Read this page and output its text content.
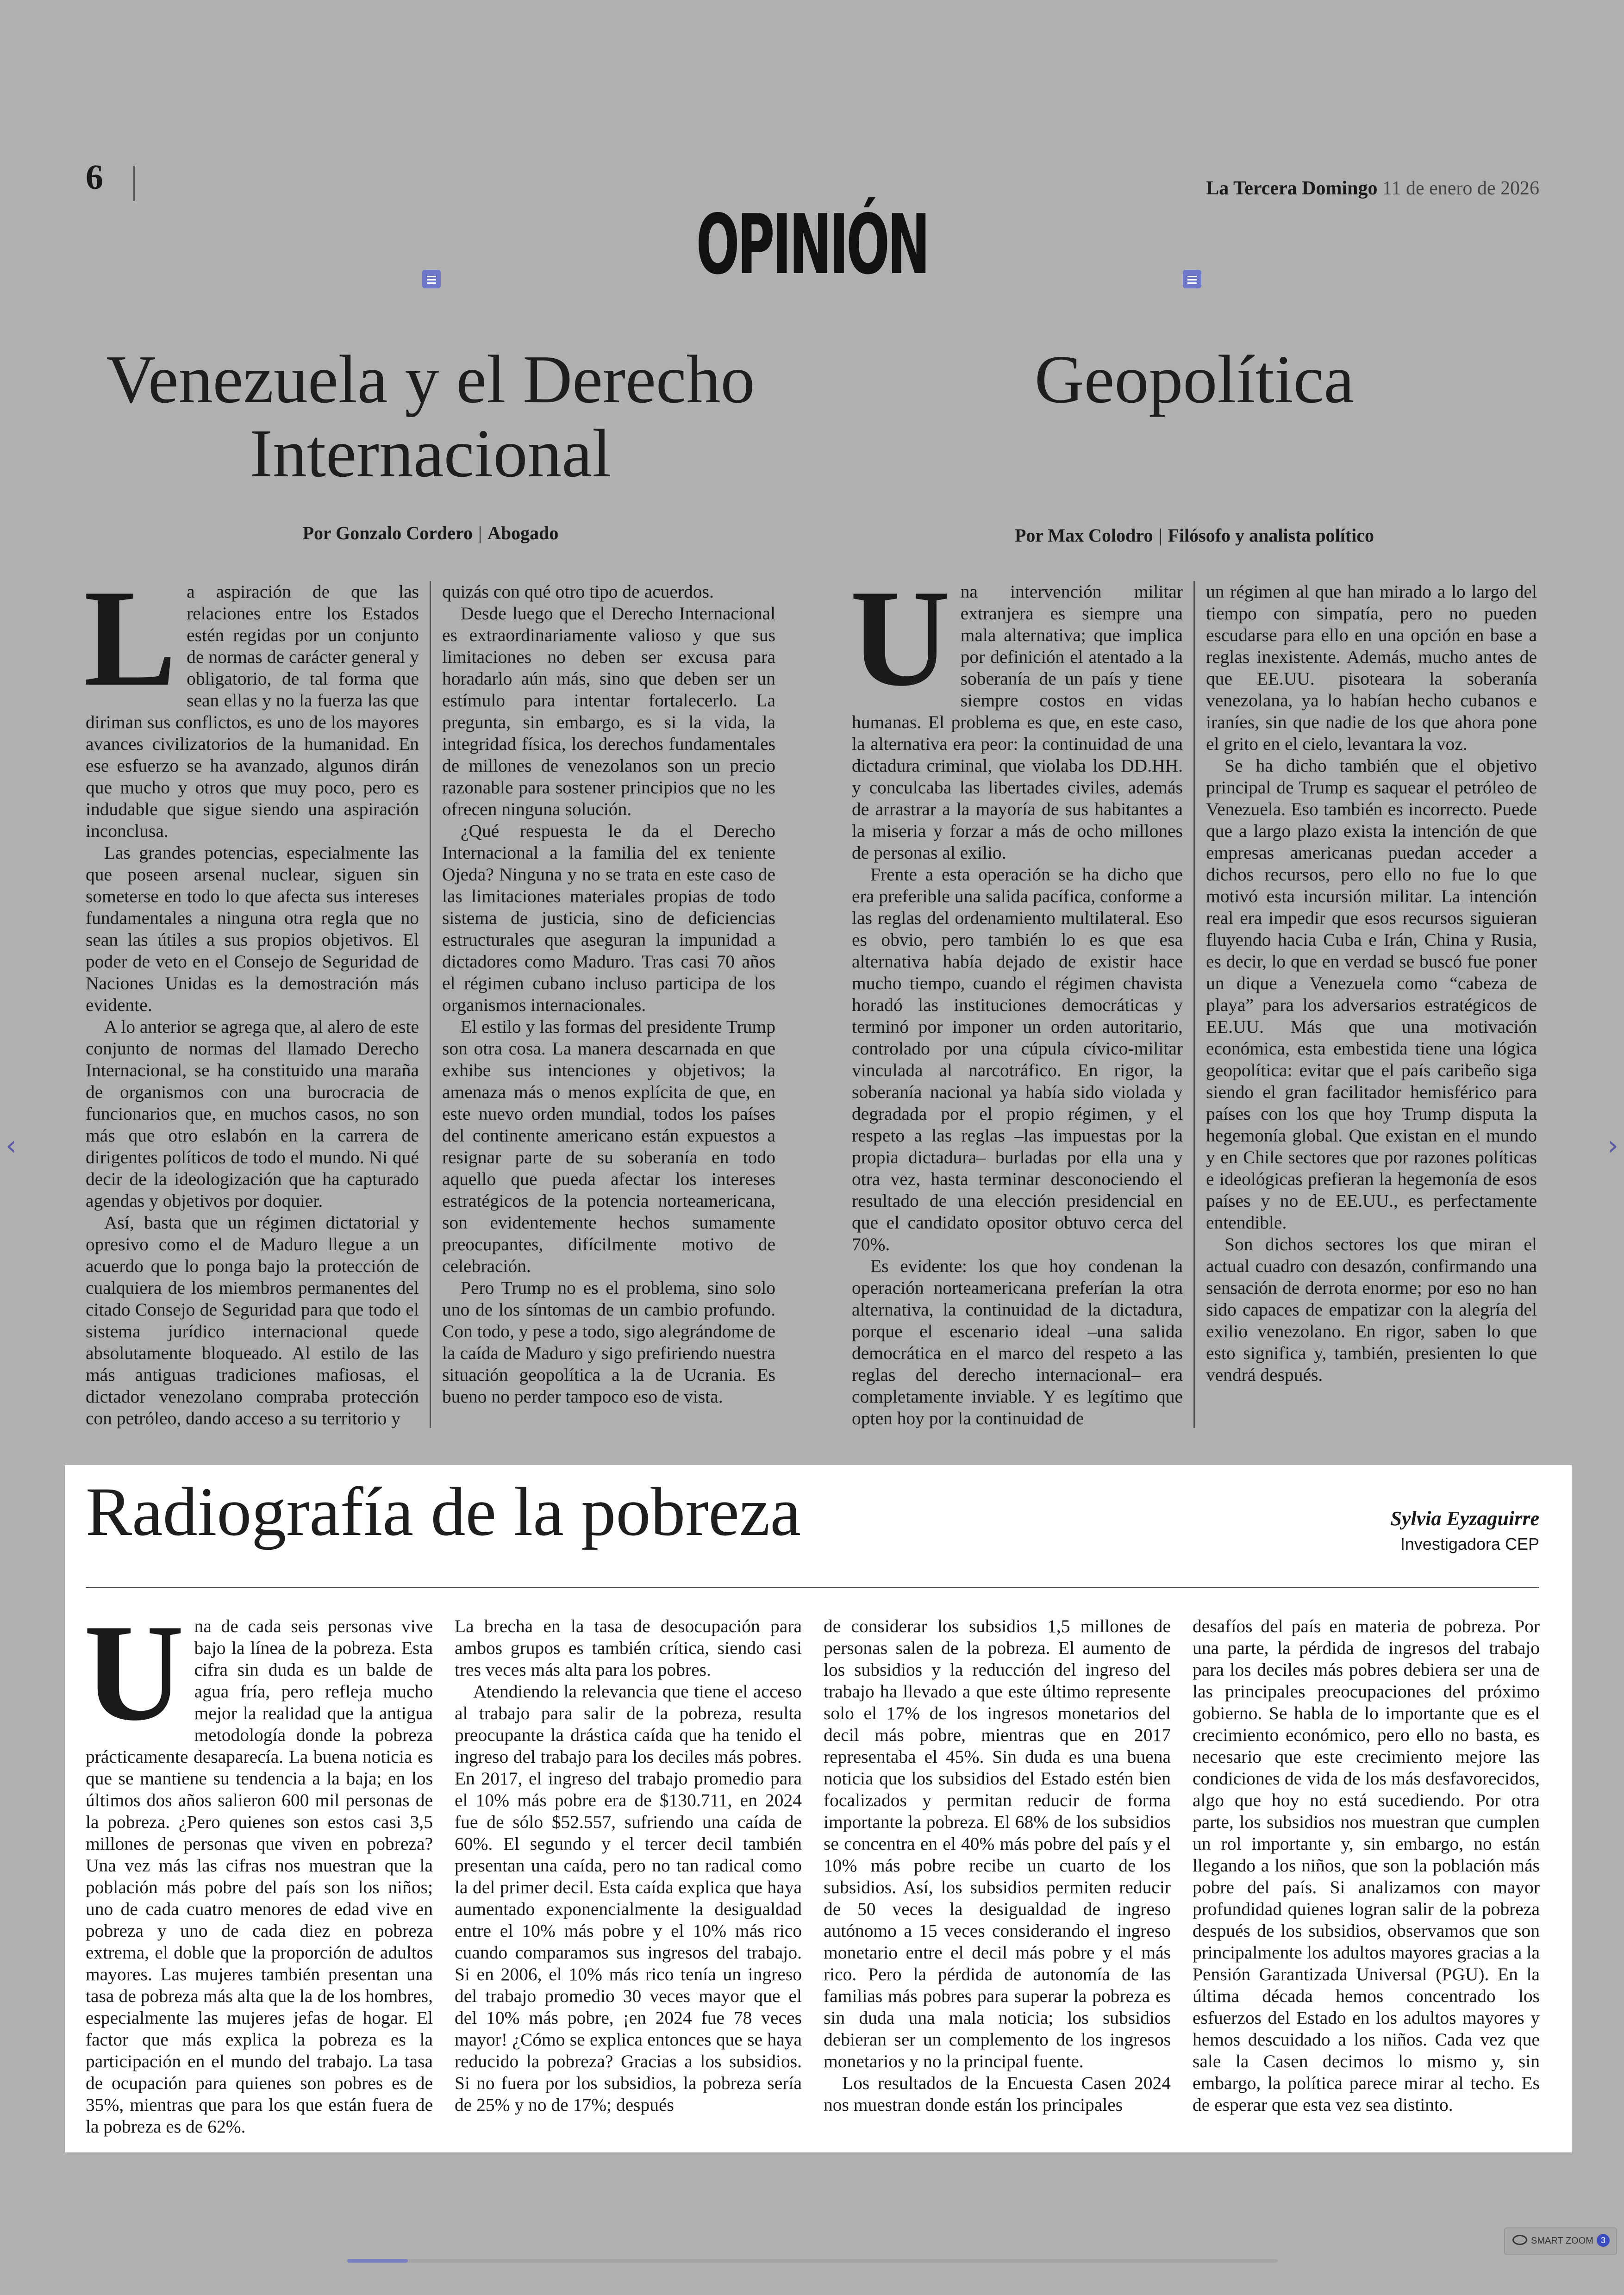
6	La Tercera Domingo 11 de enero de 2026
OPINIÓN
Venezuela y el Derecho Internacional
Por Gonzalo Cordero | Abogado

La aspiración de que las relaciones entre los Estados estén regidas por un conjunto de normas de carácter general y obligatorio, de tal forma que sean ellas y no la fuerza las que diriman sus conflictos, es uno de los mayores avances civilizatorios de la humanidad. En ese esfuerzo se ha avanzado, algunos dirán que mucho y otros que muy poco, pero es indudable que sigue siendo una aspiración inconclusa.

Las grandes potencias, especialmente las que poseen arsenal nuclear, siguen sin someterse en todo lo que afecta sus intereses fundamentales a ninguna otra regla que no sean las útiles a sus propios objetivos. El poder de veto en el Consejo de Seguridad de Naciones Unidas es la demostración más evidente.

A lo anterior se agrega que, al alero de este conjunto de normas del llamado Derecho Internacional, se ha constituido una maraña de organismos con una burocracia de funcionarios que, en muchos casos, no son más que otro eslabón en la carrera de dirigentes políticos de todo el mundo. Ni qué decir de la ideologización que ha capturado agendas y objetivos por doquier.

Así, basta que un régimen dictatorial y opresivo como el de Maduro llegue a un acuerdo que lo ponga bajo la protección de cualquiera de los miembros permanentes del citado Consejo de Seguridad para que todo el sistema jurídico internacional quede absolutamente bloqueado. Al estilo de las más antiguas tradiciones mafiosas, el dictador venezolano compraba protección con petróleo, dando acceso a su territorio y

quizás con qué otro tipo de acuerdos.

Desde luego que el Derecho Internacional es extraordinariamente valioso y que sus limitaciones no deben ser excusa para horadarlo aún más, sino que deben ser un estímulo para intentar fortalecerlo. La pregunta, sin embargo, es si la vida, la integridad física, los derechos fundamentales de millones de venezolanos son un precio razonable para sostener principios que no les ofrecen ninguna solución.

¿Qué respuesta le da el Derecho Internacional a la familia del ex teniente Ojeda? Ninguna y no se trata en este caso de las limitaciones materiales propias de todo sistema de justicia, sino de deficiencias estructurales que aseguran la impunidad a dictadores como Maduro. Tras casi 70 años el régimen cubano incluso participa de los organismos internacionales.

El estilo y las formas del presidente Trump son otra cosa. La manera descarnada en que exhibe sus intenciones y objetivos; la amenaza más o menos explícita de que, en este nuevo orden mundial, todos los países del continente americano están expuestos a resignar parte de su soberanía en todo aquello que pueda afectar los intereses estratégicos de la potencia norteamericana, son evidentemente hechos sumamente preocupantes, difícilmente motivo de celebración.

Pero Trump no es el problema, sino solo uno de los síntomas de un cambio profundo. Con todo, y pese a todo, sigo alegrándome de la caída de Maduro y sigo prefiriendo nuestra situación geopolítica a la de Ucrania. Es bueno no perder tampoco eso de vista.

Geopolítica
Por Max Colodro | Filósofo y analista político

Una intervención militar extranjera es siempre una mala alternativa; que implica por definición el atentado a la soberanía de un país y tiene siempre costos en vidas humanas. El problema es que, en este caso, la alternativa era peor: la continuidad de una dictadura criminal, que violaba los DD.HH. y conculcaba las libertades civiles, además de arrastrar a la mayoría de sus habitantes a la miseria y forzar a más de ocho millones de personas al exilio.

Frente a esta operación se ha dicho que era preferible una salida pacífica, conforme a las reglas del ordenamiento multilateral. Eso es obvio, pero también lo es que esa alternativa había dejado de existir hace mucho tiempo, cuando el régimen chavista horadó las instituciones democráticas y terminó por imponer un orden autoritario, controlado por una cúpula cívico-militar vinculada al narcotráfico. En rigor, la soberanía nacional ya había sido violada y degradada por el propio régimen, y el respeto a las reglas –las impuestas por la propia dictadura– burladas por ella una y otra vez, hasta terminar desconociendo el resultado de una elección presidencial en que el candidato opositor obtuvo cerca del 70%.

Es evidente: los que hoy condenan la operación norteamericana preferían la otra alternativa, la continuidad de la dictadura, porque el escenario ideal –una salida democrática en el marco del respeto a las reglas del derecho internacional– era completamente inviable. Y es legítimo que opten hoy por la continuidad de

un régimen al que han mirado a lo largo del tiempo con simpatía, pero no pueden escudarse para ello en una opción en base a reglas inexistente. Además, mucho antes de que EE.UU. pisoteara la soberanía venezolana, ya lo habían hecho cubanos e iraníes, sin que nadie de los que ahora pone el grito en el cielo, levantara la voz.

Se ha dicho también que el objetivo principal de Trump es saquear el petróleo de Venezuela. Eso también es incorrecto. Puede que a largo plazo exista la intención de que empresas americanas puedan acceder a dichos recursos, pero ello no fue lo que motivó esta incursión militar. La intención real era impedir que esos recursos siguieran fluyendo hacia Cuba e Irán, China y Rusia, es decir, lo que en verdad se buscó fue poner un dique a Venezuela como “cabeza de playa” para los adversarios estratégicos de EE.UU. Más que una motivación económica, esta embestida tiene una lógica geopolítica: evitar que el país caribeño siga siendo el gran facilitador hemisférico para países con los que hoy Trump disputa la hegemonía global. Que existan en el mundo y en Chile sectores que por razones políticas e ideológicas prefieran la hegemonía de esos países y no de EE.UU., es perfectamente entendible.

Son dichos sectores los que miran el actual cuadro con desazón, confirmando una sensación de derrota enorme; por eso no han sido capaces de empatizar con la alegría del exilio venezolano. En rigor, saben lo que esto significa y, también, presienten lo que vendrá después.

Radiografía de la pobreza	Sylvia Eyzaguirre
Investigadora CEP

Una de cada seis personas vive bajo la línea de la pobreza. Esta cifra sin duda es un balde de agua fría, pero refleja mucho mejor la realidad que la antigua metodología donde la pobreza prácticamente desaparecía. La buena noticia es que se mantiene su tendencia a la baja; en los últimos dos años salieron 600 mil personas de la pobreza. ¿Pero quienes son estos casi 3,5 millones de personas que viven en pobreza? Una vez más las cifras nos muestran que la población más pobre del país son los niños; uno de cada cuatro menores de edad vive en pobreza y uno de cada diez en pobreza extrema, el doble que la proporción de adultos mayores. Las mujeres también presentan una tasa de pobreza más alta que la de los hombres, especialmente las mujeres jefas de hogar. El factor que más explica la pobreza es la participación en el mundo del trabajo. La tasa de ocupación para quienes son pobres es de 35%, mientras que para los que están fuera de la pobreza es de 62%.

La brecha en la tasa de desocupación para ambos grupos es también crítica, siendo casi tres veces más alta para los pobres.

Atendiendo la relevancia que tiene el acceso al trabajo para salir de la pobreza, resulta preocupante la drástica caída que ha tenido el ingreso del trabajo para los deciles más pobres. En 2017, el ingreso del trabajo promedio para el 10% más pobre era de $130.711, en 2024 fue de sólo $52.557, sufriendo una caída de 60%. El segundo y el tercer decil también presentan una caída, pero no tan radical como la del primer decil. Esta caída explica que haya aumentado exponencialmente la desigualdad entre el 10% más pobre y el 10% más rico cuando comparamos sus ingresos del trabajo. Si en 2006, el 10% más rico tenía un ingreso del trabajo promedio 30 veces mayor que el del 10% más pobre, ¡en 2024 fue 78 veces mayor! ¿Cómo se explica entonces que se haya reducido la pobreza? Gracias a los subsidios. Si no fuera por los subsidios, la pobreza sería de 25% y no de 17%; después

de considerar los subsidios 1,5 millones de personas salen de la pobreza. El aumento de los subsidios y la reducción del ingreso del trabajo ha llevado a que este último represente solo el 17% de los ingresos monetarios del decil más pobre, mientras que en 2017 representaba el 45%. Sin duda es una buena noticia que los subsidios del Estado estén bien focalizados y permitan reducir de forma importante la pobreza. El 68% de los subsidios se concentra en el 40% más pobre del país y el 10% más pobre recibe un cuarto de los subsidios. Así, los subsidios permiten reducir de 50 veces la desigualdad de ingreso autónomo a 15 veces considerando el ingreso monetario entre el decil más pobre y el más rico. Pero la pérdida de autonomía de las familias más pobres para superar la pobreza es sin duda una mala noticia; los subsidios debieran ser un complemento de los ingresos monetarios y no la principal fuente.

Los resultados de la Encuesta Casen 2024 nos muestran donde están los principales

desafíos del país en materia de pobreza. Por una parte, la pérdida de ingresos del trabajo para los deciles más pobres debiera ser una de las principales preocupaciones del próximo gobierno. Se habla de lo importante que es el crecimiento económico, pero ello no basta, es necesario que este crecimiento mejore las condiciones de vida de los más desfavorecidos, algo que hoy no está sucediendo. Por otra parte, los subsidios nos muestran que cumplen un rol importante y, sin embargo, no están llegando a los niños, que son la población más pobre del país. Si analizamos con mayor profundidad quienes logran salir de la pobreza después de los subsidios, observamos que son principalmente los adultos mayores gracias a la Pensión Garantizada Universal (PGU). En la última década hemos concentrado los esfuerzos del Estado en los adultos mayores y hemos descuidado a los niños. Cada vez que sale la Casen decimos lo mismo y, sin embargo, la política parece mirar al techo. Es de esperar que esta vez sea distinto.

‹	›
SMART ZOOM 3
